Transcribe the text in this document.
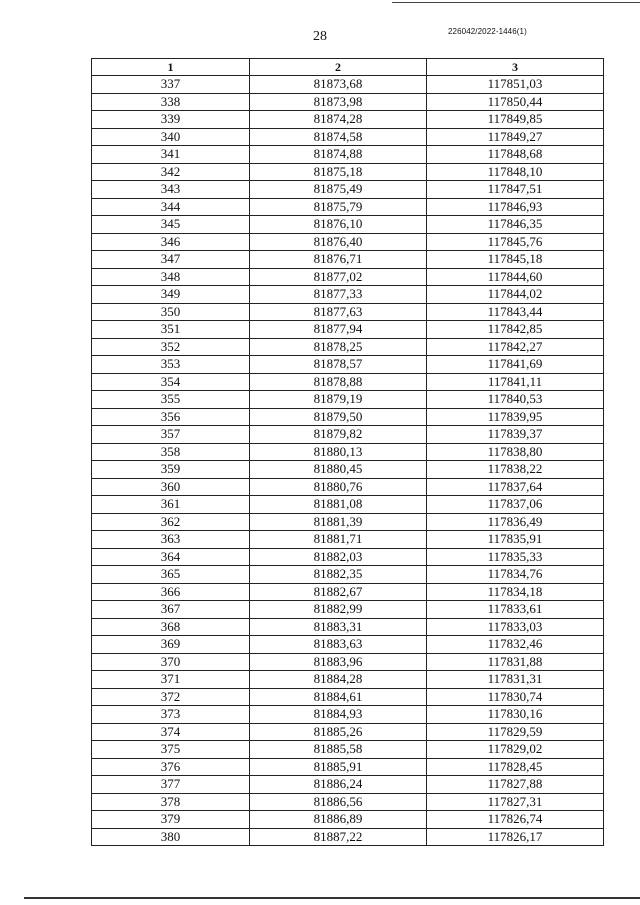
28	226042/2022-1446(1)
1	2	3
337	81873,68	117851,03
338	81873,98	117850,44
339	81874,28	117849,85
340	81874,58	117849,27
341	81874,88	117848,68
342	81875,18	117848,10
343	81875,49	117847,51
344	81875,79	117846,93
345	81876,10	117846,35
346	81876,40	117845,76
347	81876,71	117845,18
348	81877,02	117844,60
349	81877,33	117844,02
350	81877,63	117843,44
351	81877,94	117842,85
352	81878,25	117842,27
353	81878,57	117841,69
354	81878,88	117841,11
355	81879,19	117840,53
356	81879,50	117839,95
357	81879,82	117839,37
358	81880,13	117838,80
359	81880,45	117838,22
360	81880,76	117837,64
361	81881,08	117837,06
362	81881,39	117836,49
363	81881,71	117835,91
364	81882,03	117835,33
365	81882,35	117834,76
366	81882,67	117834,18
367	81882,99	117833,61
368	81883,31	117833,03
369	81883,63	117832,46
370	81883,96	117831,88
371	81884,28	117831,31
372	81884,61	117830,74
373	81884,93	117830,16
374	81885,26	117829,59
375	81885,58	117829,02
376	81885,91	117828,45
377	81886,24	117827,88
378	81886,56	117827,31
379	81886,89	117826,74
380	81887,22	117826,17
